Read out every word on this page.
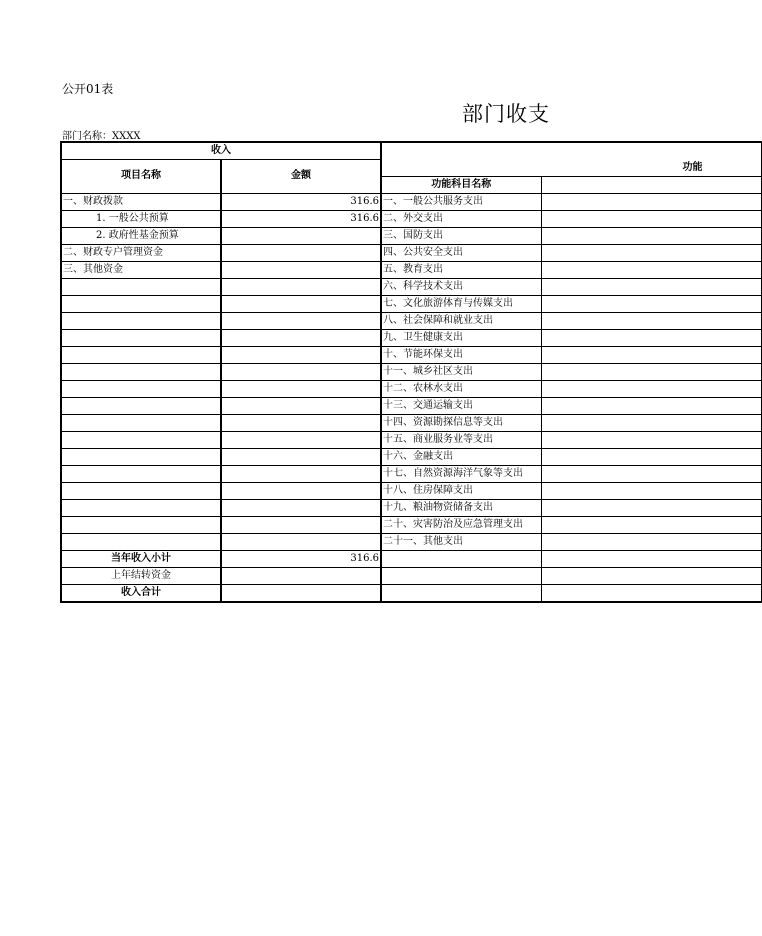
公开01表
部门收支
部门名称：XXXX
收入			
项目名称	金额	功能	
		功能科目名称	
一、财政拨款	316.6	一、一般公共服务支出	
1. 一般公共预算	316.6	二、外交支出	
2. 政府性基金预算		三、国防支出	
二、财政专户管理资金		四、公共安全支出	
三、其他资金		五、教育支出	
		六、科学技术支出	
		七、文化旅游体育与传媒支出	
		八、社会保障和就业支出	
		九、卫生健康支出	
		十、节能环保支出	
		十一、城乡社区支出	
		十二、农林水支出	
		十三、交通运输支出	
		十四、资源勘探信息等支出	
		十五、商业服务业等支出	
		十六、金融支出	
		十七、自然资源海洋气象等支出	
		十八、住房保障支出	
		十九、粮油物资储备支出	
		二十、灾害防治及应急管理支出	
		二十一、其他支出	
当年收入小计	316.6		
上年结转资金			
收入合计			
